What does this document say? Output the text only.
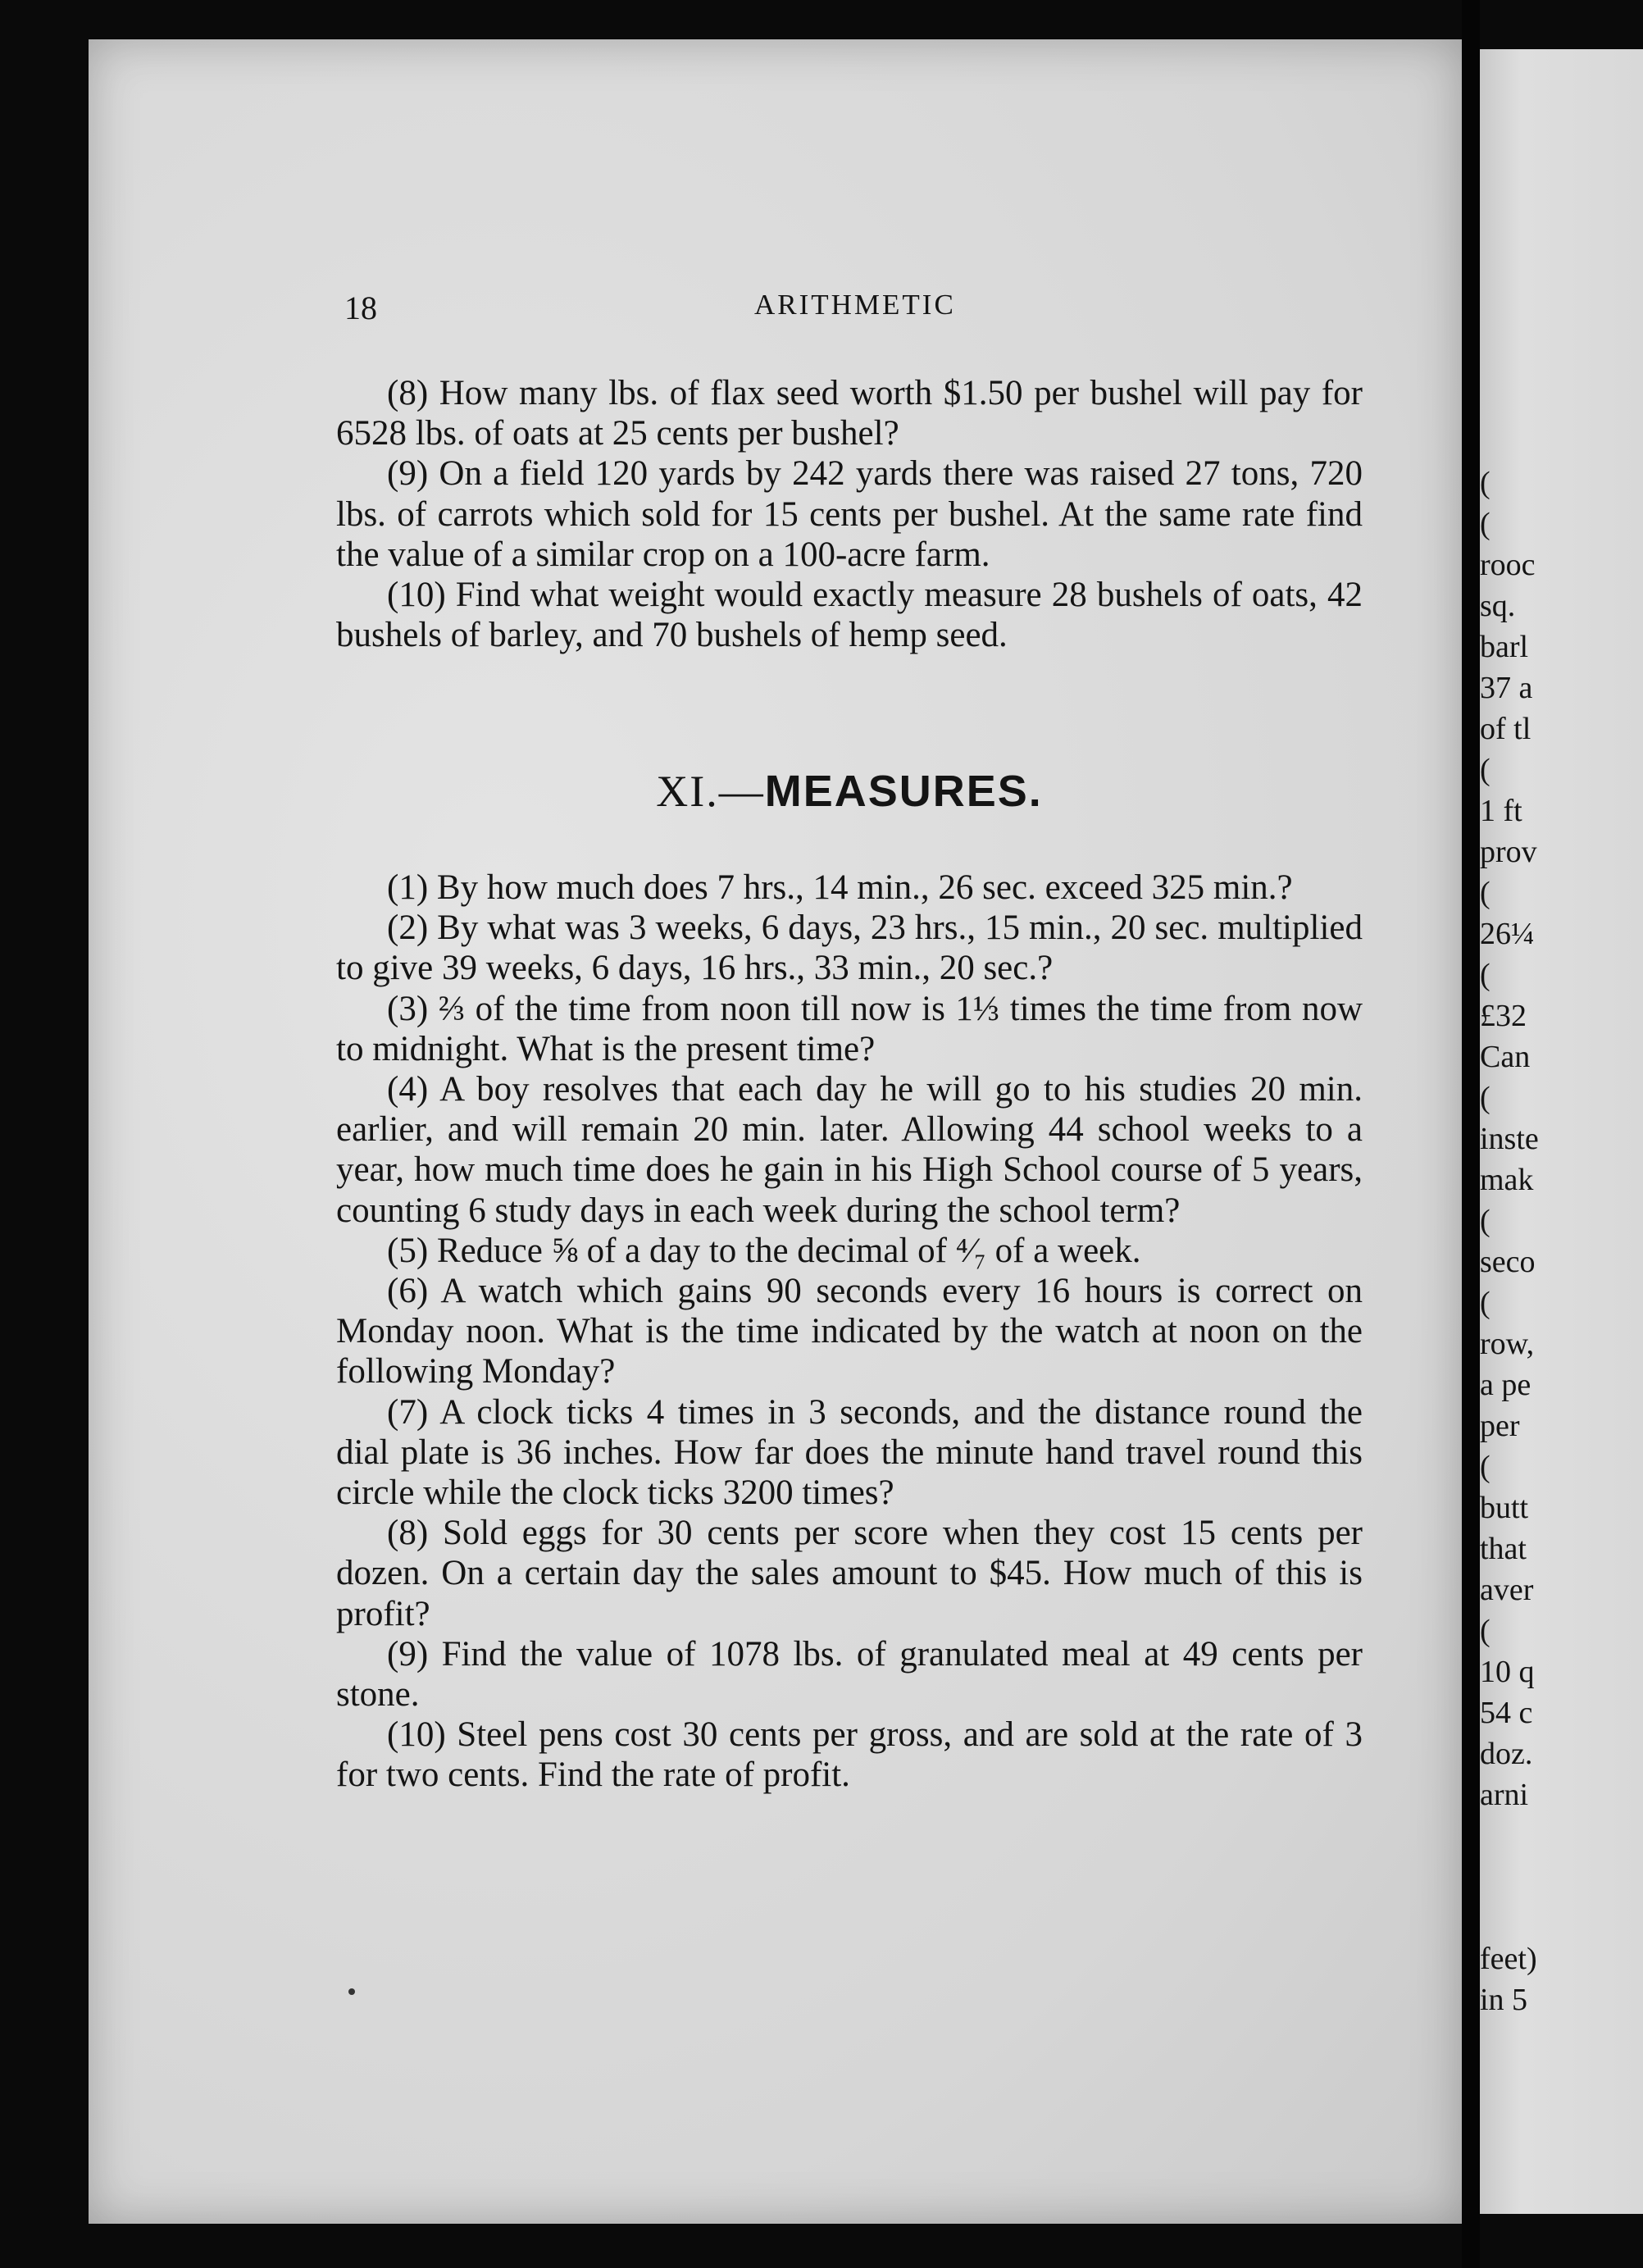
18	ARITHMETIC

(8) How many lbs. of flax seed worth $1.50 per bushel will pay for 6528 lbs. of oats at 25 cents per bushel?

(9) On a field 120 yards by 242 yards there was raised 27 tons, 720 lbs. of carrots which sold for 15 cents per bushel. At the same rate find the value of a similar crop on a 100-acre farm.

(10) Find what weight would exactly measure 28 bushels of oats, 42 bushels of barley, and 70 bushels of hemp seed.

XI.—MEASURES.

(1) By how much does 7 hrs., 14 min., 26 sec. exceed 325 min.?

(2) By what was 3 weeks, 6 days, 23 hrs., 15 min., 20 sec. multiplied to give 39 weeks, 6 days, 16 hrs., 33 min., 20 sec.?

(3) ⅔ of the time from noon till now is 1⅓ times the time from now to midnight. What is the present time?

(4) A boy resolves that each day he will go to his studies 20 min. earlier, and will remain 20 min. later. Allowing 44 school weeks to a year, how much time does he gain in his High School course of 5 years, counting 6 study days in each week during the school term?

(5) Reduce ⅝ of a day to the decimal of ⁴⁄₇ of a week.

(6) A watch which gains 90 seconds every 16 hours is correct on Monday noon. What is the time indicated by the watch at noon on the following Monday?

(7) A clock ticks 4 times in 3 seconds, and the distance round the dial plate is 36 inches. How far does the minute hand travel round this circle while the clock ticks 3200 times?

(8) Sold eggs for 30 cents per score when they cost 15 cents per dozen. On a certain day the sales amount to $45. How much of this is profit?

(9) Find the value of 1078 lbs. of granulated meal at 49 cents per stone.

(10) Steel pens cost 30 cents per gross, and are sold at the rate of 3 for two cents. Find the rate of profit.

(
(
rooc
sq.
barl
37 a
of tl
(
1 ft
prov
(
26¼
(
£32
Can
(
inste
mak
(
seco
(
row,
a pe
per
(
butt
that
aver
(
10 q
54 c
doz.
arni
feet)
in 5
